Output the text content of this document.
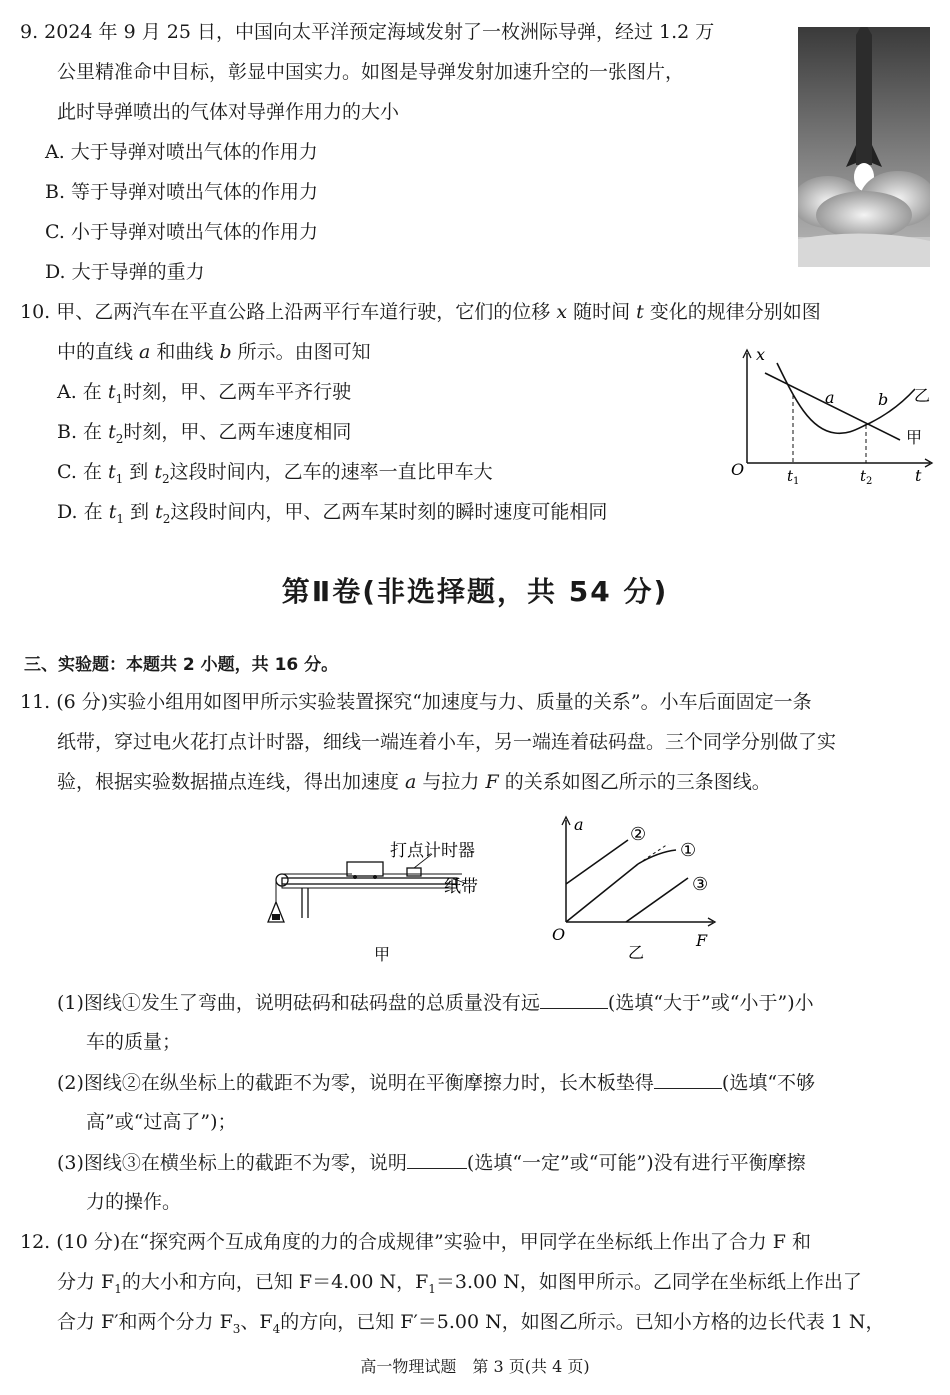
9. 2024 年 9 月 25 日，中国向太平洋预定海域发射了一枚洲际导弹，经过 1.2 万
公里精准命中目标，彰显中国实力。如图是导弹发射加速升空的一张图片，
此时导弹喷出的气体对导弹作用力的大小
A. 大于导弹对喷出气体的作用力
B. 等于导弹对喷出气体的作用力
C. 小于导弹对喷出气体的作用力
D. 大于导弹的重力
10. 甲、乙两汽车在平直公路上沿两平行车道行驶，它们的位移 x 随时间 t 变化的规律分别如图
中的直线 a 和曲线 b 所示。由图可知
A. 在 $t_1$时刻，甲、乙两车平齐行驶
B. 在 $t_2$时刻，甲、乙两车速度相同
C. 在 $t_1$ 到 $t_2$这段时间内，乙车的速率一直比甲车大
D. 在 $t_1$ 到 $t_2$这段时间内，甲、乙两车某时刻的瞬时速度可能相同
x
a	b 乙
甲
O	t 1	t 2	t
第Ⅱ卷(非选择题，共 54 分)
三、实验题：本题共 2 小题，共 16 分。
11. (6 分)实验小组用如图甲所示实验装置探究“加速度与力、质量的关系”。小车后面固定一条
纸带，穿过电火花打点计时器，细线一端连着小车，另一端连着砝码盘。三个同学分别做了实
验，根据实验数据描点连线，得出加速度 a 与拉力 F 的关系如图乙所示的三条图线。
打点计时器
纸带
甲
a	②
①
③
O	F
乙
(1)图线①发生了弯曲，说明砝码和砝码盘的总质量没有远	(选填“大于”或“小于”)小
车的质量；
(2)图线②在纵坐标上的截距不为零，说明在平衡摩擦力时，长木板垫得	(选填“不够
高”或“过高了”)；
(3)图线③在横坐标上的截距不为零，说明	(选填“一定”或“可能”)没有进行平衡摩擦
力的操作。
12. (10 分)在“探究两个互成角度的力的合成规律”实验中，甲同学在坐标纸上作出了合力 F 和
分力 $F_1$的大小和方向，已知 F＝4.00 N，$F_1=3.00$ N，如图甲所示。乙同学在坐标纸上作出了
合力 F′和两个分力 $F_3$、$F_4$的方向，已知 F′＝5.00 N，如图乙所示。已知小方格的边长代表 1 N，
高一物理试题　第 3 页(共 4 页)
